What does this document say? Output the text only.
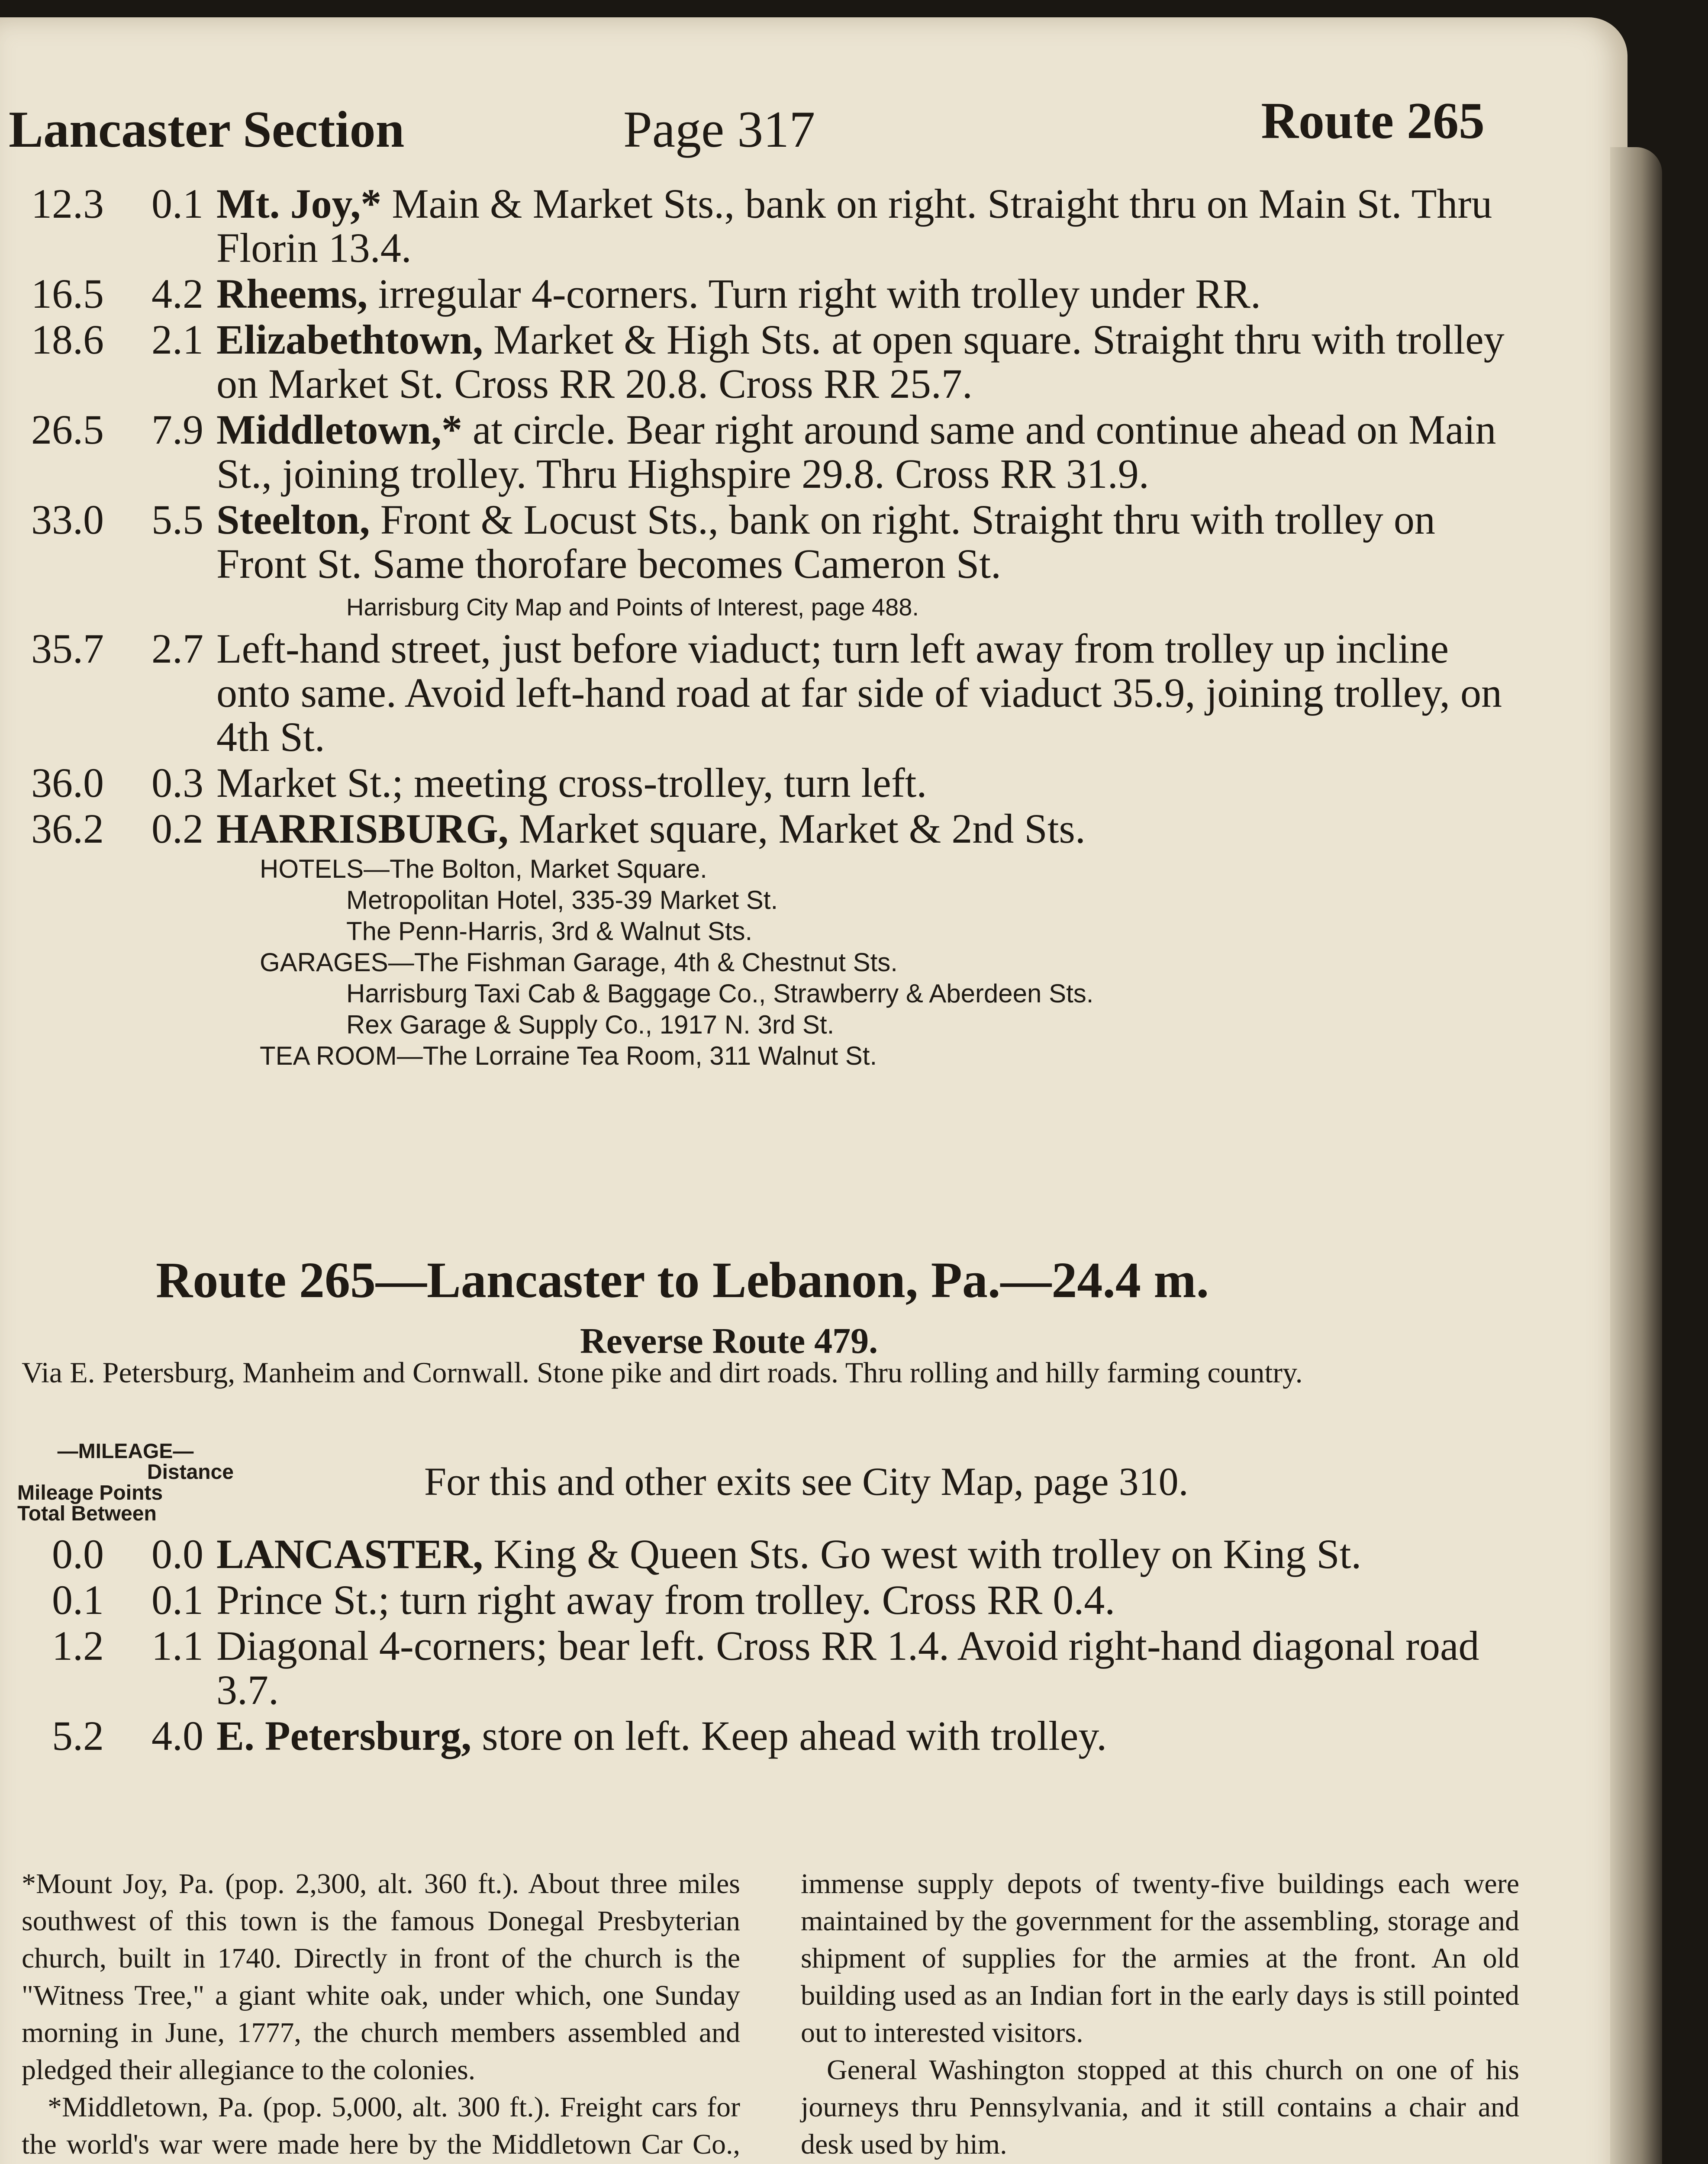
Lancaster Section	Page 317	Route 265
12.3	0.1 Mt. Joy,* Main & Market Sts., bank on right. Straight thru on Main St. Thru Florin 13.4.
16.5	4.2 Rheems, irregular 4-corners. Turn right with trolley under RR.
18.6	2.1 Elizabethtown, Market & High Sts. at open square. Straight thru with trolley on Market St. Cross RR 20.8. Cross RR 25.7.
26.5	7.9 Middletown,* at circle. Bear right around same and continue ahead on Main St., joining trolley. Thru Highspire 29.8. Cross RR 31.9.
33.0	5.5 Steelton, Front & Locust Sts., bank on right. Straight thru with trolley on Front St. Same thorofare becomes Cameron St.
Harrisburg City Map and Points of Interest, page 488.
35.7	2.7 Left-hand street, just before viaduct; turn left away from trolley up incline onto same. Avoid left-hand road at far side of viaduct 35.9, joining trolley, on 4th St.
36.0	0.3 Market St.; meeting cross-trolley, turn left.
36.2	0.2 HARRISBURG, Market square, Market & 2nd Sts.
HOTELS—The Bolton, Market Square.
Metropolitan Hotel, 335-39 Market St.
The Penn-Harris, 3rd & Walnut Sts.
GARAGES—The Fishman Garage, 4th & Chestnut Sts.
Harrisburg Taxi Cab & Baggage Co., Strawberry & Aberdeen Sts.
Rex Garage & Supply Co., 1917 N. 3rd St.
TEA ROOM—The Lorraine Tea Room, 311 Walnut St.
Route 265—Lancaster to Lebanon, Pa.—24.4 m.
Reverse Route 479.
Via E. Petersburg, Manheim and Cornwall. Stone pike and dirt roads. Thru rolling and hilly farming country.
—MILEAGE—
Distance
Mileage Points
Total Between
For this and other exits see City Map, page 310.
0.0	0.0 LANCASTER, King & Queen Sts. Go west with trolley on King St.
0.1	0.1 Prince St.; turn right away from trolley. Cross RR 0.4.
1.2	1.1 Diagonal 4-corners; bear left. Cross RR 1.4. Avoid right-hand diagonal road 3.7.
5.2	4.0 E. Petersburg, store on left. Keep ahead with trolley.

*Mount Joy, Pa. (pop. 2,300, alt. 360 ft.). About three miles southwest of this town is the famous Donegal Presbyterian church, built in 1740. Directly in front of the church is the "Witness Tree," a giant white oak, under which, one Sunday morning in June, 1777, the church members assembled and pledged their allegiance to the colonies.

*Middletown, Pa. (pop. 5,000, alt. 300 ft.). Freight cars for the world's war were made here by the Middletown Car Co.,

immense supply depots of twenty-five buildings each were maintained by the government for the assembling, storage and shipment of supplies for the armies at the front. An old building used as an Indian fort in the early days is still pointed out to interested visitors.

General Washington stopped at this church on one of his journeys thru Pennsylvania, and it still contains a chair and desk used by him.
